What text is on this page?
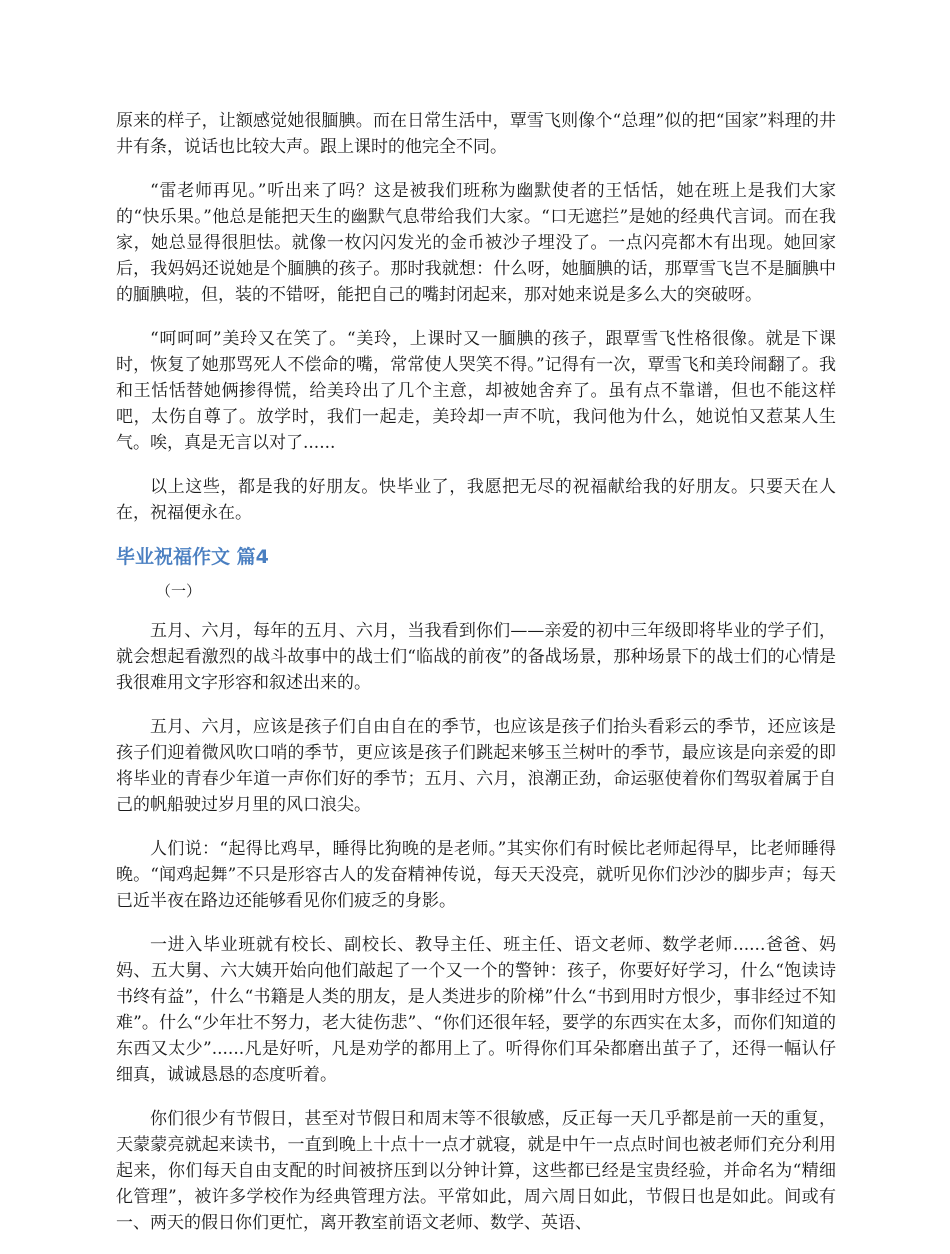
原来的样子，让额感觉她很腼腆。而在日常生活中，覃雪飞则像个“总理”似的把“国家”料理的井井有条，说话也比较大声。跟上课时的他完全不同。

“雷老师再见。”听出来了吗？这是被我们班称为幽默使者的王恬恬，她在班上是我们大家的“快乐果。”他总是能把天生的幽默气息带给我们大家。“口无遮拦”是她的经典代言词。而在我家，她总显得很胆怯。就像一枚闪闪发光的金币被沙子埋没了。一点闪亮都木有出现。她回家后，我妈妈还说她是个腼腆的孩子。那时我就想：什么呀，她腼腆的话，那覃雪飞岂不是腼腆中的腼腆啦，但，装的不错呀，能把自己的嘴封闭起来，那对她来说是多么大的突破呀。

“呵呵呵”美玲又在笑了。“美玲，上课时又一腼腆的孩子，跟覃雪飞性格很像。就是下课时，恢复了她那骂死人不偿命的嘴，常常使人哭笑不得。”记得有一次，覃雪飞和美玲闹翻了。我和王恬恬替她俩掺得慌，给美玲出了几个主意，却被她舍弃了。虽有点不靠谱，但也不能这样吧，太伤自尊了。放学时，我们一起走，美玲却一声不吭，我问他为什么，她说怕又惹某人生气。唉，真是无言以对了......

以上这些，都是我的好朋友。快毕业了，我愿把无尽的祝福献给我的好朋友。只要天在人在，祝福便永在。

毕业祝福作文 篇4
（一）

五月、六月，每年的五月、六月，当我看到你们——亲爱的初中三年级即将毕业的学子们，就会想起看激烈的战斗故事中的战士们“临战的前夜”的备战场景，那种场景下的战士们的心情是我很难用文字形容和叙述出来的。

五月、六月，应该是孩子们自由自在的季节，也应该是孩子们抬头看彩云的季节，还应该是孩子们迎着微风吹口哨的季节，更应该是孩子们跳起来够玉兰树叶的季节，最应该是向亲爱的即将毕业的青春少年道一声你们好的季节；五月、六月，浪潮正劲，命运驱使着你们驾驭着属于自己的帆船驶过岁月里的风口浪尖。

人们说：“起得比鸡早，睡得比狗晚的是老师。”其实你们有时候比老师起得早，比老师睡得晚。“闻鸡起舞”不只是形容古人的发奋精神传说，每天天没亮，就听见你们沙沙的脚步声；每天已近半夜在路边还能够看见你们疲乏的身影。

一进入毕业班就有校长、副校长、教导主任、班主任、语文老师、数学老师......爸爸、妈妈、五大舅、六大姨开始向他们敲起了一个又一个的警钟：孩子，你要好好学习，什么“饱读诗书终有益”，什么“书籍是人类的朋友，是人类进步的阶梯”什么“书到用时方恨少，事非经过不知难”。什么“少年壮不努力，老大徒伤悲”、“你们还很年轻，要学的东西实在太多，而你们知道的东西又太少”......凡是好听，凡是劝学的都用上了。听得你们耳朵都磨出茧子了，还得一幅认仔细真，诚诚恳恳的态度听着。

你们很少有节假日，甚至对节假日和周末等不很敏感，反正每一天几乎都是前一天的重复，天蒙蒙亮就起来读书，一直到晚上十点十一点才就寝，就是中午一点点时间也被老师们充分利用起来，你们每天自由支配的时间被挤压到以分钟计算，这些都已经是宝贵经验，并命名为“精细化管理”，被许多学校作为经典管理方法。平常如此，周六周日如此，节假日也是如此。间或有一、两天的假日你们更忙，离开教室前语文老师、数学、英语、
